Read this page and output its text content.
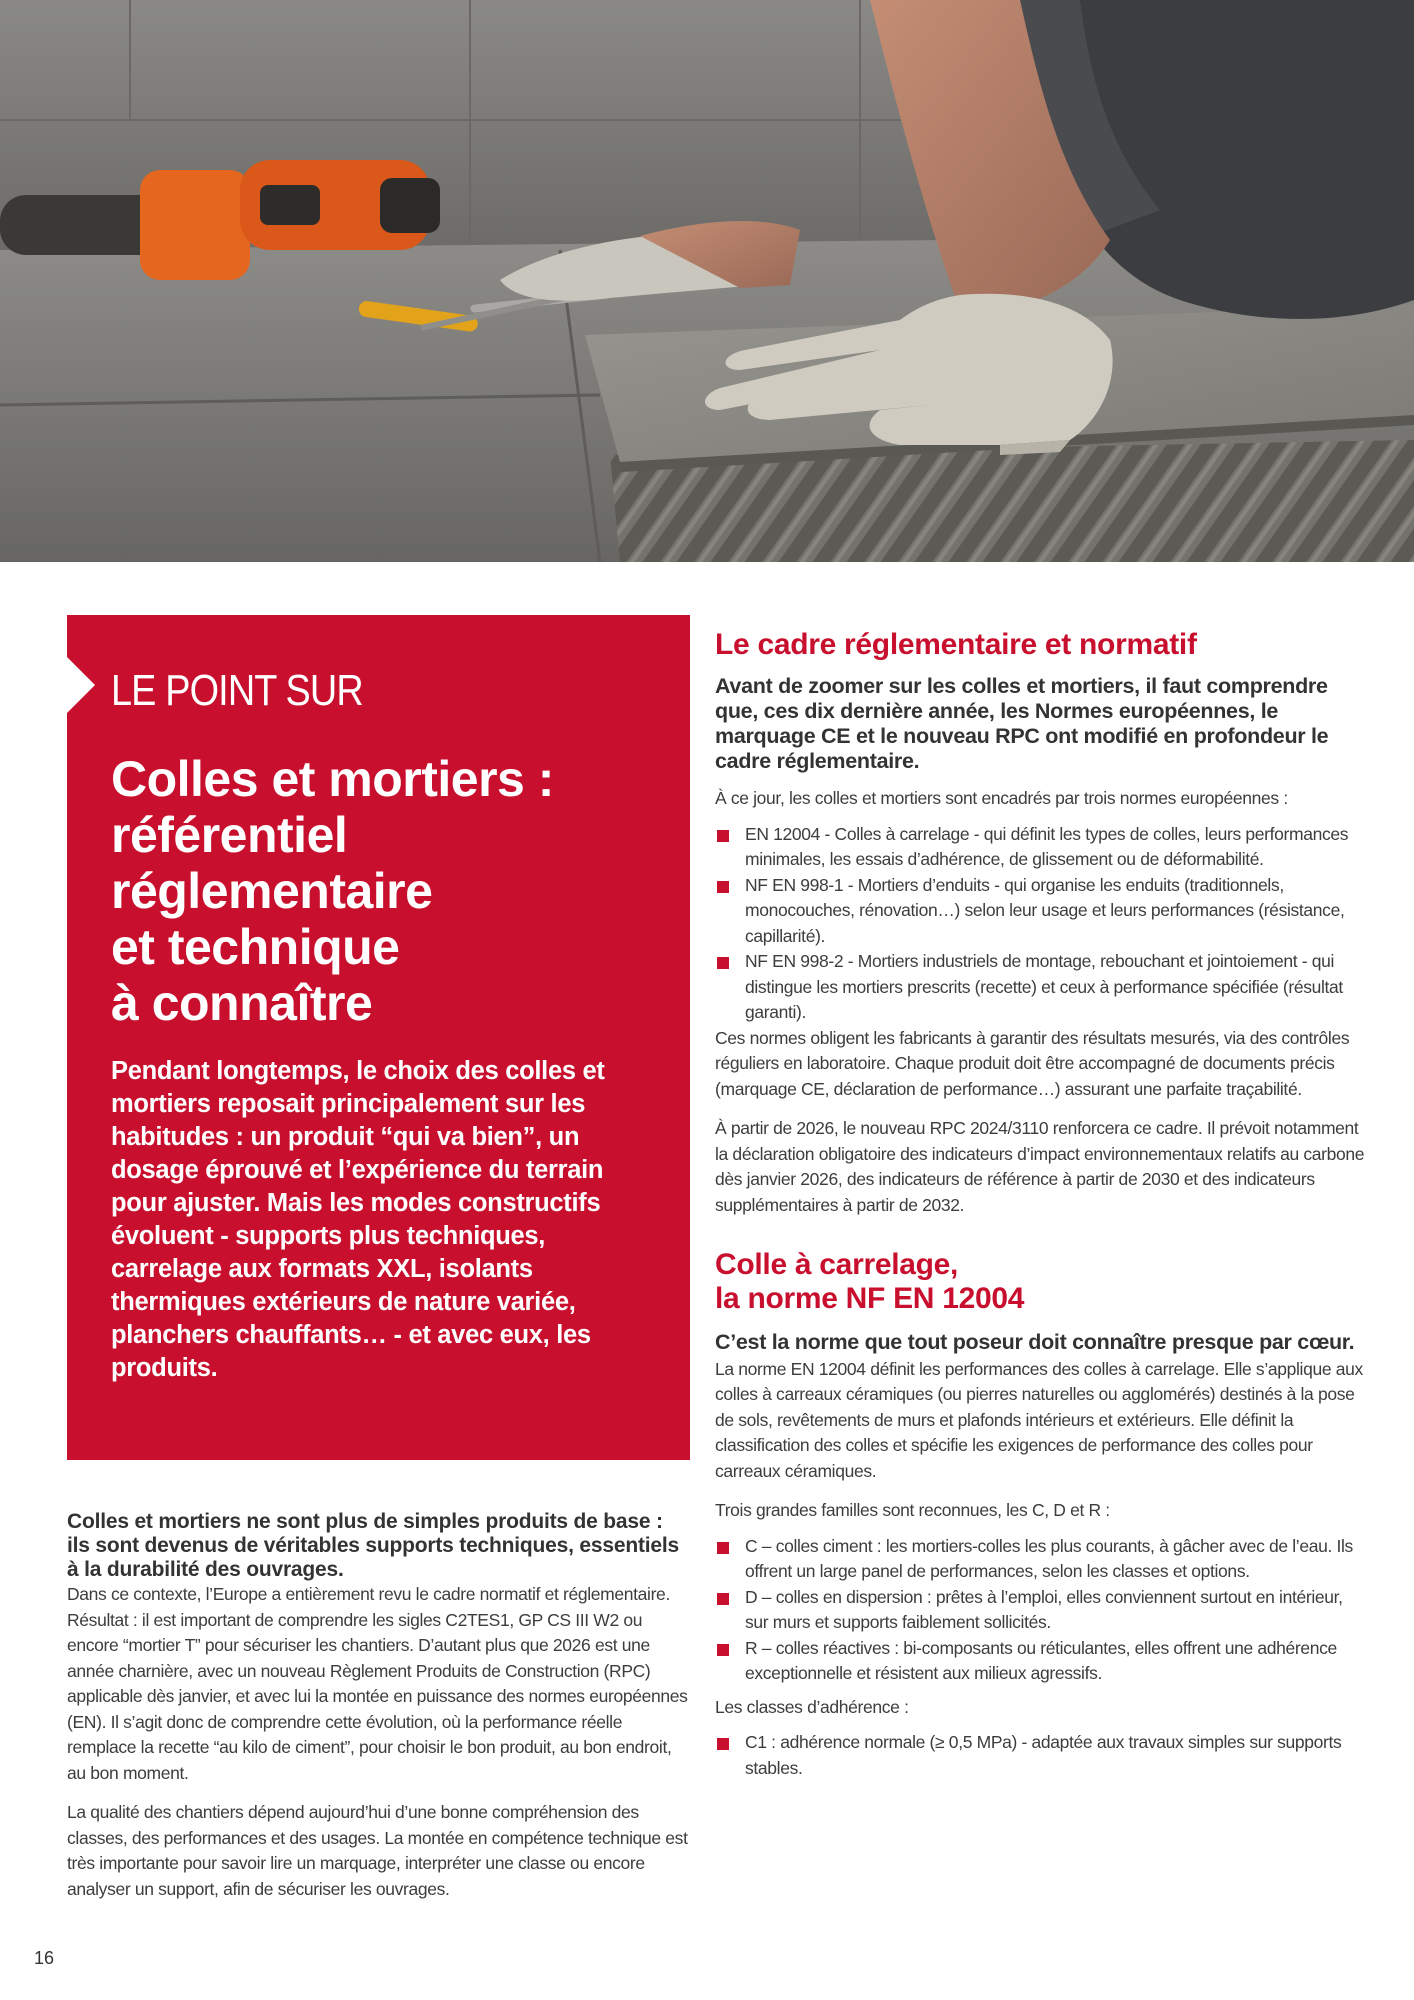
LE POINT SUR
Colles et mortiers :
référentiel
réglementaire
et technique
à connaître

Pendant longtemps, le choix des colles et mortiers reposait principalement sur les habitudes : un produit “qui va bien”, un dosage éprouvé et l’expérience du terrain pour ajuster. Mais les modes constructifs évoluent - supports plus techniques, carrelage aux formats XXL, isolants thermiques extérieurs de nature variée, planchers chauffants… - et avec eux, les produits.

Colles et mortiers ne sont plus de simples produits de base : ils sont devenus de véritables supports techniques, essentiels à la durabilité des ouvrages.

Dans ce contexte, l’Europe a entièrement revu le cadre normatif et réglementaire. Résultat : il est important de comprendre les sigles C2TES1, GP CS III W2 ou encore “mortier T” pour sécuriser les chantiers. D’autant plus que 2026 est une année charnière, avec un nouveau Règlement Produits de Construction (RPC) applicable dès janvier, et avec lui la montée en puissance des normes européennes (EN). Il s’agit donc de comprendre cette évolution, où la performance réelle remplace la recette “au kilo de ciment”, pour choisir le bon produit, au bon endroit, au bon moment.

La qualité des chantiers dépend aujourd’hui d’une bonne compréhension des classes, des performances et des usages. La montée en compétence technique est très importante pour savoir lire un marquage, interpréter une classe ou encore analyser un support, afin de sécuriser les ouvrages.

Le cadre réglementaire et normatif

Avant de zoomer sur les colles et mortiers, il faut comprendre que, ces dix dernière année, les Normes européennes, le marquage CE et le nouveau RPC ont modifié en profondeur le cadre réglementaire.

À ce jour, les colles et mortiers sont encadrés par trois normes européennes :

EN 12004 - Colles à carrelage - qui définit les types de colles, leurs performances minimales, les essais d’adhérence, de glissement ou de déformabilité.
NF EN 998-1 - Mortiers d’enduits - qui organise les enduits (traditionnels, monocouches, rénovation…) selon leur usage et leurs performances (résistance, capillarité).
NF EN 998-2 - Mortiers industriels de montage, rebouchant et jointoiement - qui distingue les mortiers prescrits (recette) et ceux à performance spécifiée (résultat garanti).

Ces normes obligent les fabricants à garantir des résultats mesurés, via des contrôles réguliers en laboratoire. Chaque produit doit être accompagné de documents précis (marquage CE, déclaration de performance…) assurant une parfaite traçabilité.

À partir de 2026, le nouveau RPC 2024/3110 renforcera ce cadre. Il prévoit notamment la déclaration obligatoire des indicateurs d’impact environnementaux relatifs au carbone dès janvier 2026, des indicateurs de référence à partir de 2030 et des indicateurs supplémentaires à partir de 2032.

Colle à carrelage,
la norme NF EN 12004

C’est la norme que tout poseur doit connaître presque par cœur. La norme EN 12004 définit les performances des colles à carrelage. Elle s’applique aux colles à carreaux céramiques (ou pierres naturelles ou agglomérés) destinés à la pose de sols, revêtements de murs et plafonds intérieurs et extérieurs. Elle définit la classification des colles et spécifie les exigences de performance des colles pour carreaux céramiques.

Trois grandes familles sont reconnues, les C, D et R :

C – colles ciment : les mortiers-colles les plus courants, à gâcher avec de l’eau. Ils offrent un large panel de performances, selon les classes et options.
D – colles en dispersion : prêtes à l’emploi, elles conviennent surtout en intérieur, sur murs et supports faiblement sollicités.
R – colles réactives : bi-composants ou réticulantes, elles offrent une adhérence exceptionnelle et résistent aux milieux agressifs.

Les classes d’adhérence :

C1 : adhérence normale (≥ 0,5 MPa) - adaptée aux travaux simples sur supports stables.
16
